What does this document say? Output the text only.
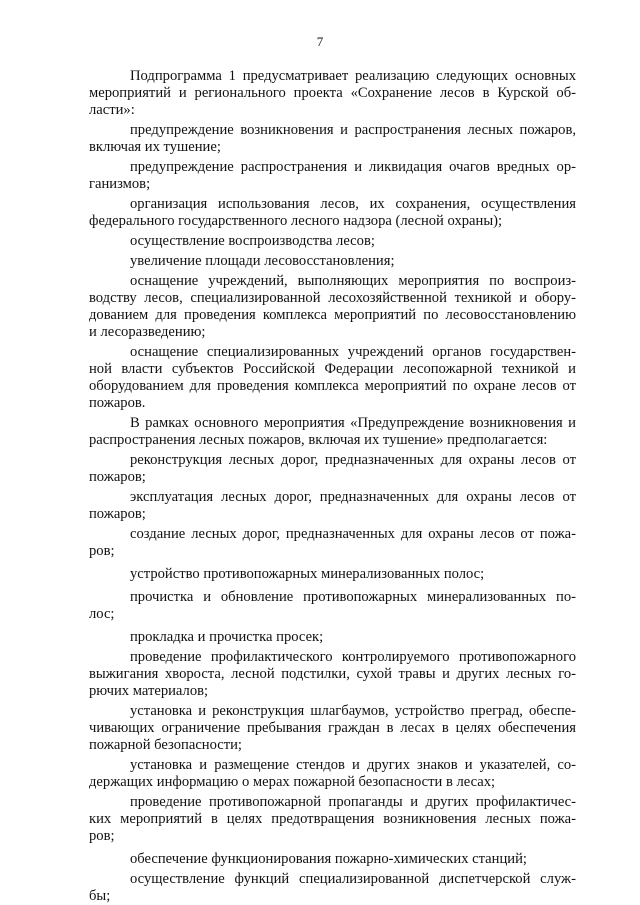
7

Подпрограмма 1 предусматривает реализацию следующих основных
мероприятий и регионального проекта «Сохранение лесов в Курской об-
ласти»:

предупреждение возникновения и распространения лесных пожаров,
включая их тушение;

предупреждение распространения и ликвидация очагов вредных ор-
ганизмов;

организация использования лесов, их сохранения, осуществления
федерального государственного лесного надзора (лесной охраны);

осуществление воспроизводства лесов;

увеличение площади лесовосстановления;

оснащение учреждений, выполняющих мероприятия по воспроиз-
водству лесов, специализированной лесохозяйственной техникой и обору-
дованием для проведения комплекса мероприятий по лесовосстановлению
и лесоразведению;

оснащение специализированных учреждений органов государствен-
ной власти субъектов Российской Федерации лесопожарной техникой и
оборудованием для проведения комплекса мероприятий по охране лесов от
пожаров.

В рамках основного мероприятия «Предупреждение возникновения и
распространения лесных пожаров, включая их тушение» предполагается:

реконструкция лесных дорог, предназначенных для охраны лесов от
пожаров;

эксплуатация лесных дорог, предназначенных для охраны лесов от
пожаров;

создание лесных дорог, предназначенных для охраны лесов от пожа-
ров;

устройство противопожарных минерализованных полос;

прочистка и обновление противопожарных минерализованных по-
лос;

прокладка и прочистка просек;

проведение профилактического контролируемого противопожарного
выжигания хвороста, лесной подстилки, сухой травы и других лесных го-
рючих материалов;

установка и реконструкция шлагбаумов, устройство преград, обеспе-
чивающих ограничение пребывания граждан в лесах в целях обеспечения
пожарной безопасности;

установка и размещение стендов и других знаков и указателей, со-
держащих информацию о мерах пожарной безопасности в лесах;

проведение противопожарной пропаганды и других профилактичес-
ких мероприятий в целях предотвращения возникновения лесных пожа-
ров;

обеспечение функционирования пожарно-химических станций;

осуществление функций специализированной диспетчерской служ-
бы;
